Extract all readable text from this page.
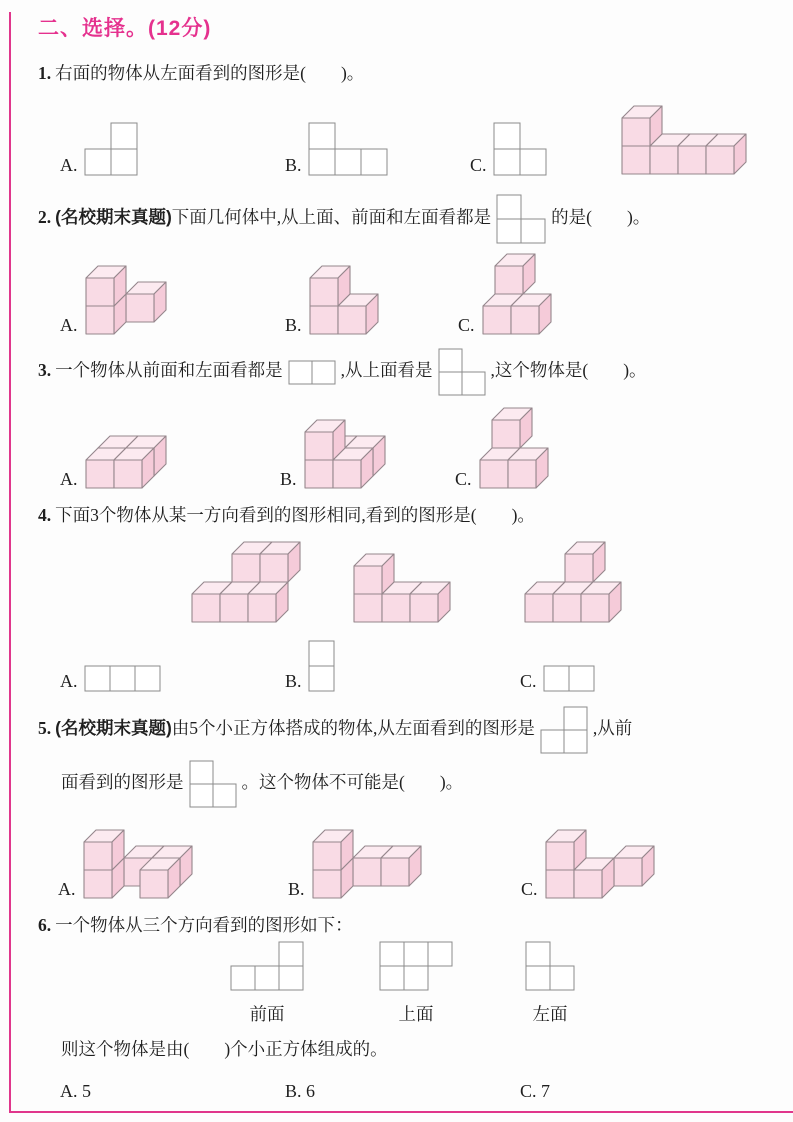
二、选择。(12分)
1. 右面的物体从左面看到的图形是(　　)。
A.	B.	C.
2. (名校期末真题)下面几何体中,从上面、前面和左面看都是	的是(　　)。
A.	B.	C.
3. 一个物体从前面和左面看都是	,从上面看是	,这个物体是(　　)。
A.	B.	C.
4. 下面3个物体从某一方向看到的图形相同,看到的图形是(　　)。
A.	B.	C.
5. (名校期末真题)由5个小正方体搭成的物体,从左面看到的图形是	,从前
面看到的图形是	。这个物体不可能是(　　)。
A.	B.	C.
6. 一个物体从三个方向看到的图形如下：
前面	上面	左面
则这个物体是由(　　)个小正方体组成的。
A. 5	B. 6	C. 7
